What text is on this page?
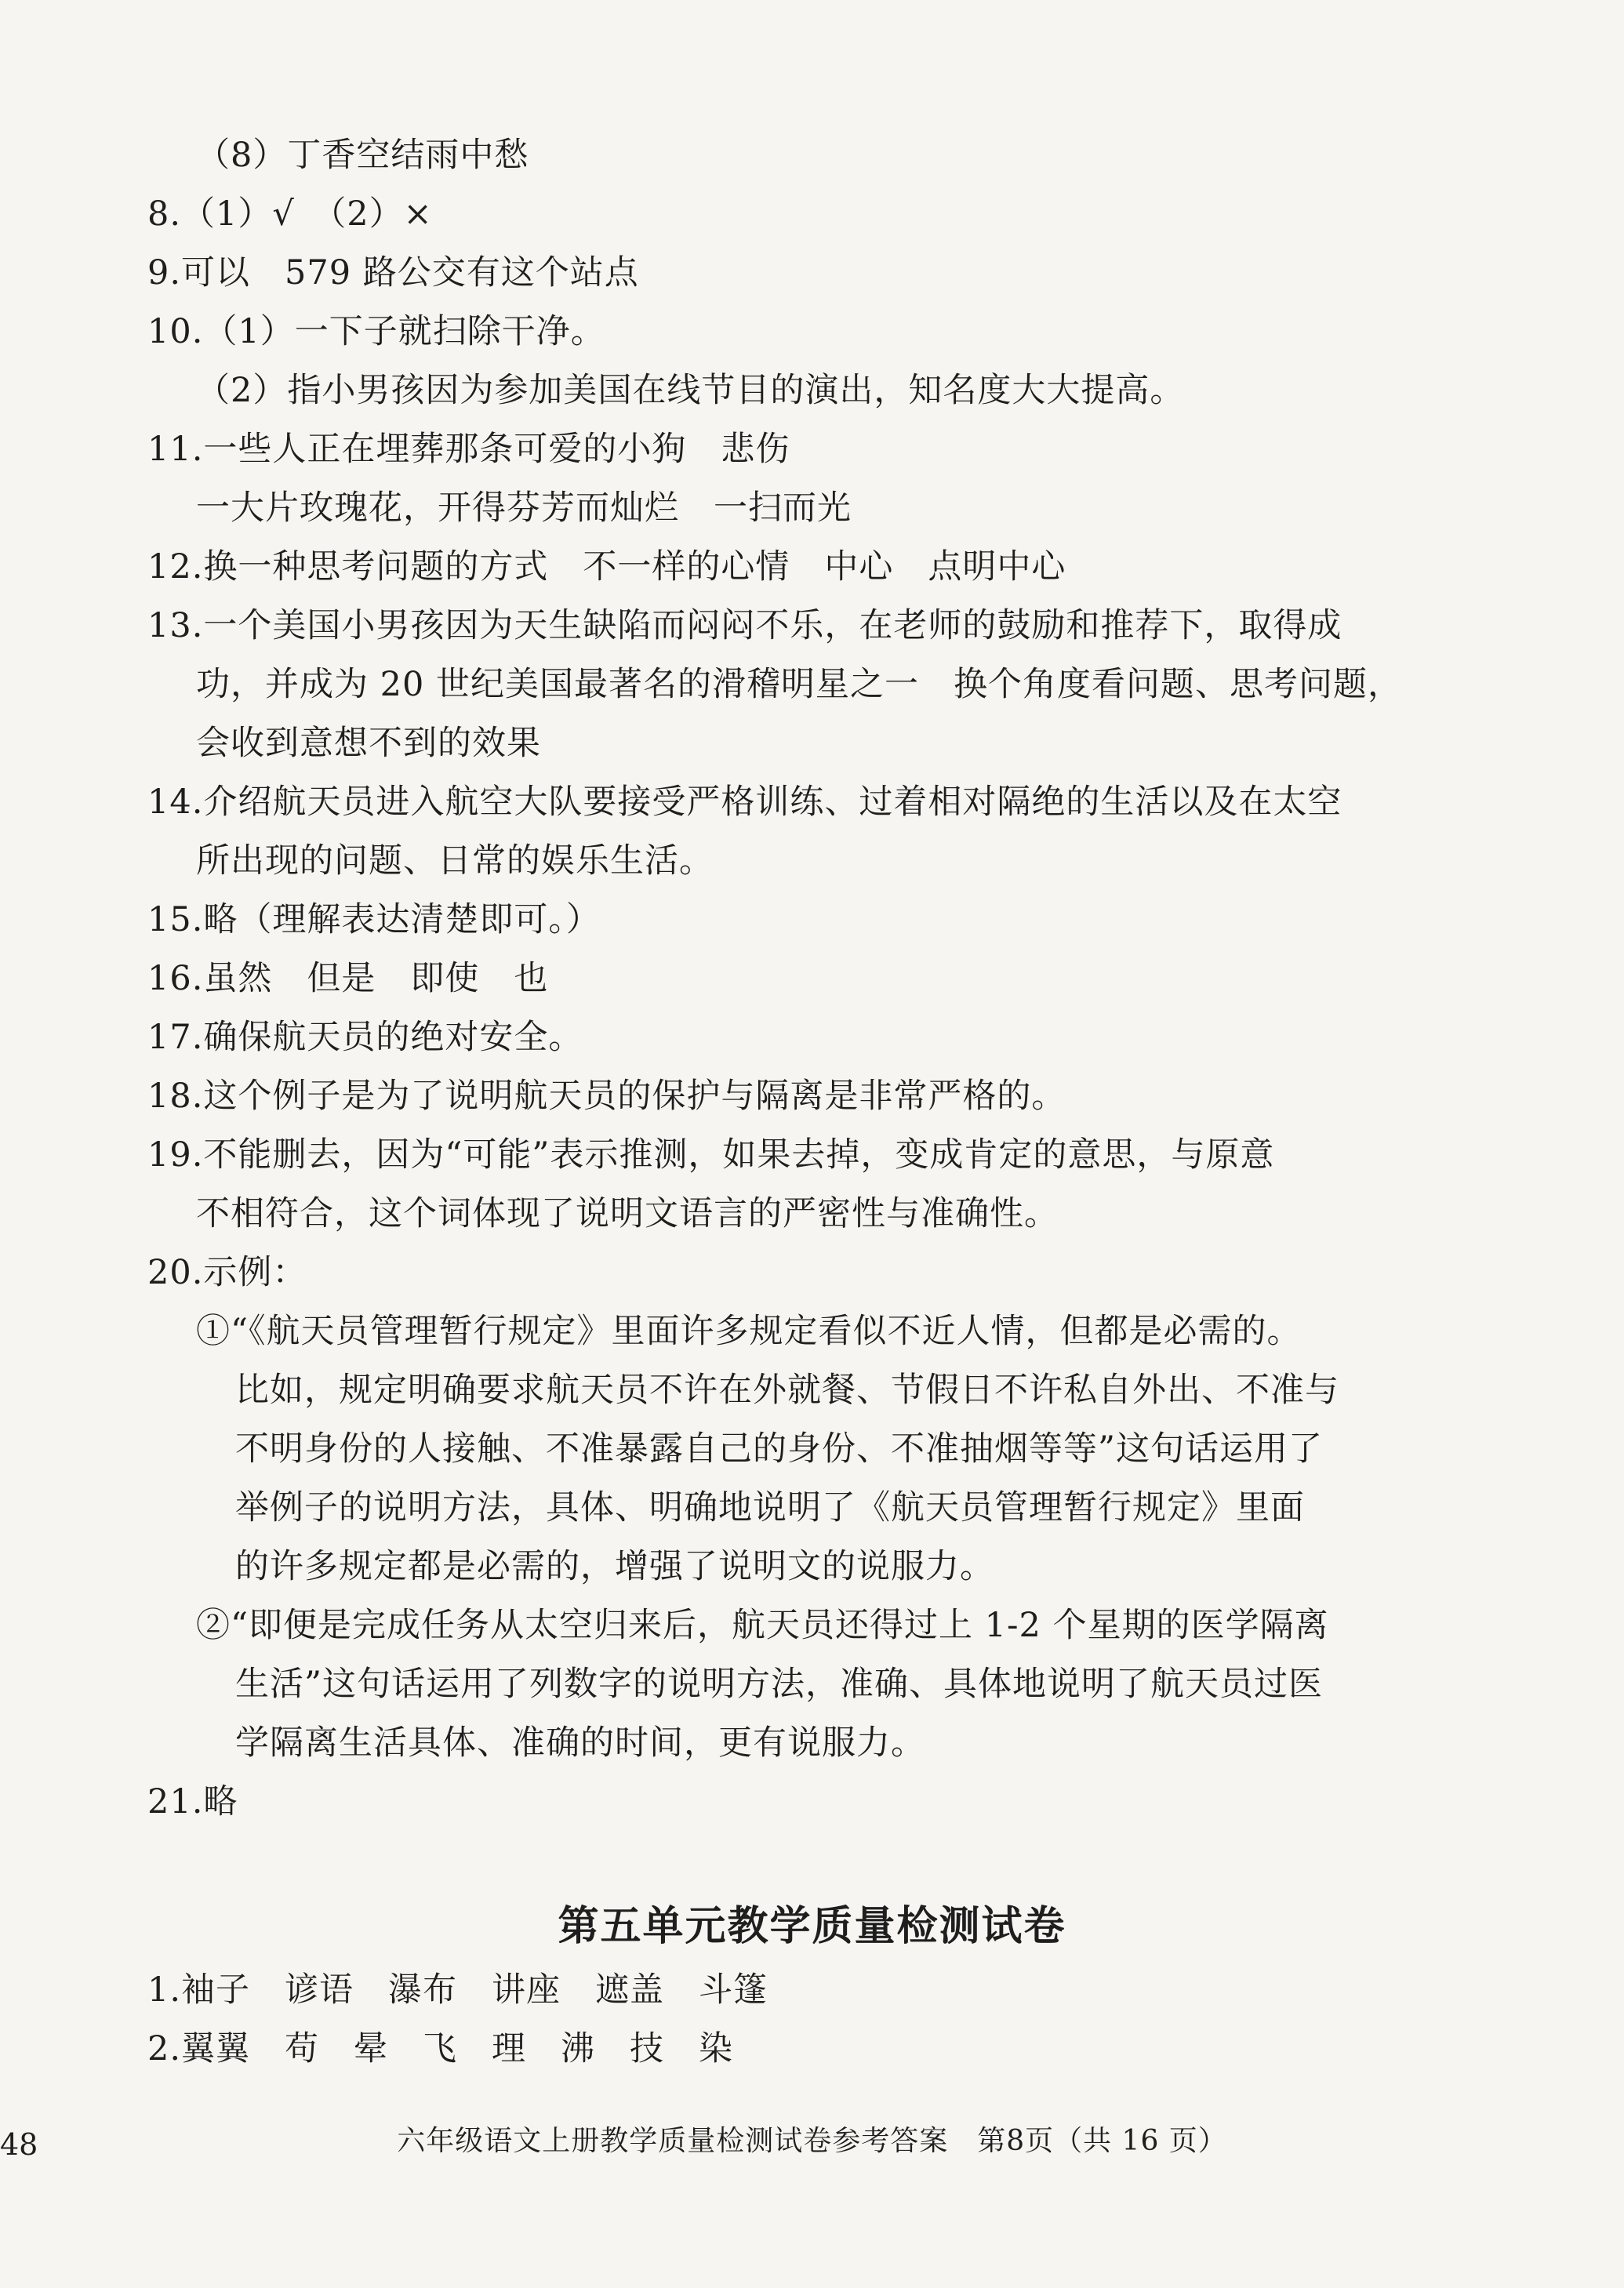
（8）丁香空结雨中愁
8.（1）√　（2）×
9.可以　579 路公交有这个站点
10.（1）一下子就扫除干净。
（2）指小男孩因为参加美国在线节目的演出，知名度大大提高。
11.一些人正在埋葬那条可爱的小狗　悲伤
一大片玫瑰花，开得芬芳而灿烂　一扫而光
12.换一种思考问题的方式　不一样的心情　中心　点明中心
13.一个美国小男孩因为天生缺陷而闷闷不乐，在老师的鼓励和推荐下，取得成
功，并成为 20 世纪美国最著名的滑稽明星之一　换个角度看问题、思考问题，
会收到意想不到的效果
14.介绍航天员进入航空大队要接受严格训练、过着相对隔绝的生活以及在太空
所出现的问题、日常的娱乐生活。
15.略（理解表达清楚即可。）
16.虽然　但是　即使　也
17.确保航天员的绝对安全。
18.这个例子是为了说明航天员的保护与隔离是非常严格的。
19.不能删去，因为“可能”表示推测，如果去掉，变成肯定的意思，与原意
不相符合，这个词体现了说明文语言的严密性与准确性。
20.示例：
①“《航天员管理暂行规定》里面许多规定看似不近人情，但都是必需的。
比如，规定明确要求航天员不许在外就餐、节假日不许私自外出、不准与
不明身份的人接触、不准暴露自己的身份、不准抽烟等等”这句话运用了
举例子的说明方法，具体、明确地说明了《航天员管理暂行规定》里面
的许多规定都是必需的，增强了说明文的说服力。
②“即便是完成任务从太空归来后，航天员还得过上 1-2 个星期的医学隔离
生活”这句话运用了列数字的说明方法，准确、具体地说明了航天员过医
学隔离生活具体、准确的时间，更有说服力。
21.略
第五单元教学质量检测试卷
1.袖子　谚语　瀑布　讲座　遮盖　斗篷
2.翼翼　苟　晕　飞　理　沸　技　染
48	六年级语文上册教学质量检测试卷参考答案　第8页（共 16 页）
